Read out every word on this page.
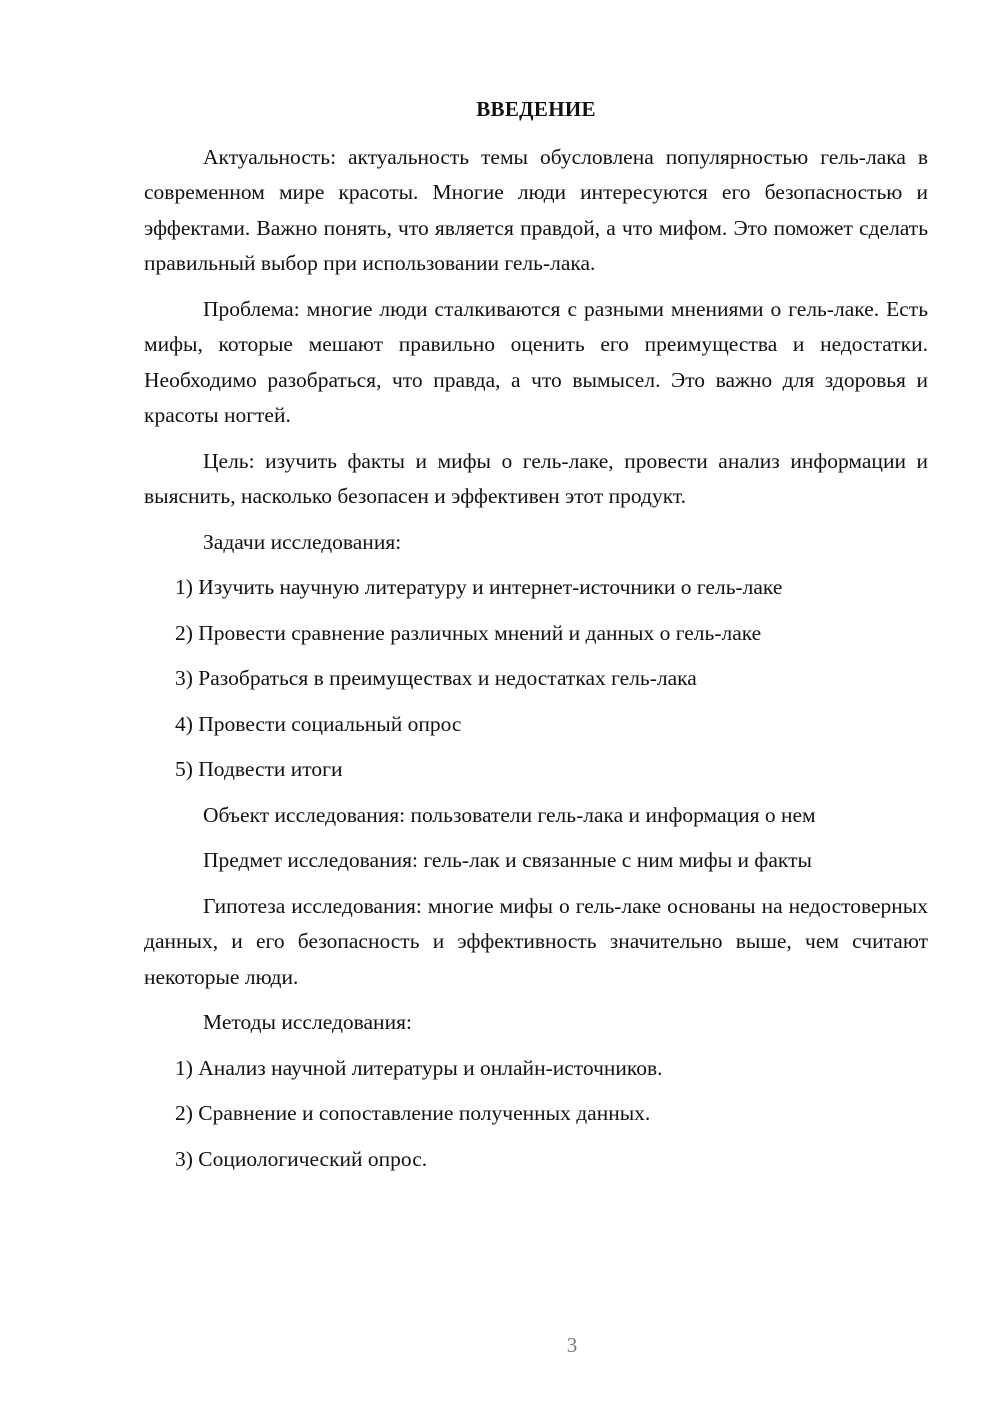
ВВЕДЕНИЕ

Актуальность: актуальность темы обусловлена популярностью гель-лака в современном мире красоты. Многие люди интересуются его безопасностью и эффектами. Важно понять, что является правдой, а что мифом. Это поможет сделать правильный выбор при использовании гель-лака.

Проблема: многие люди сталкиваются с разными мнениями о гель-лаке. Есть мифы, которые мешают правильно оценить его преимущества и недостатки. Необходимо разобраться, что правда, а что вымысел. Это важно для здоровья и красоты ногтей.

Цель: изучить факты и мифы о гель-лаке, провести анализ информации и выяснить, насколько безопасен и эффективен этот продукт.

Задачи исследования:
1) Изучить научную литературу и интернет-источники о гель-лаке
2) Провести сравнение различных мнений и данных о гель-лаке
3) Разобраться в преимуществах и недостатках гель-лака
4) Провести социальный опрос
5) Подвести итоги
Объект исследования: пользователи гель-лака и информация о нем
Предмет исследования: гель-лак и связанные с ним мифы и факты

Гипотеза исследования: многие мифы о гель-лаке основаны на недостоверных данных, и его безопасность и эффективность значительно выше, чем считают некоторые люди.

Методы исследования:
1) Анализ научной литературы и онлайн-источников.
2) Сравнение и сопоставление полученных данных.
3) Социологический опрос.
3
